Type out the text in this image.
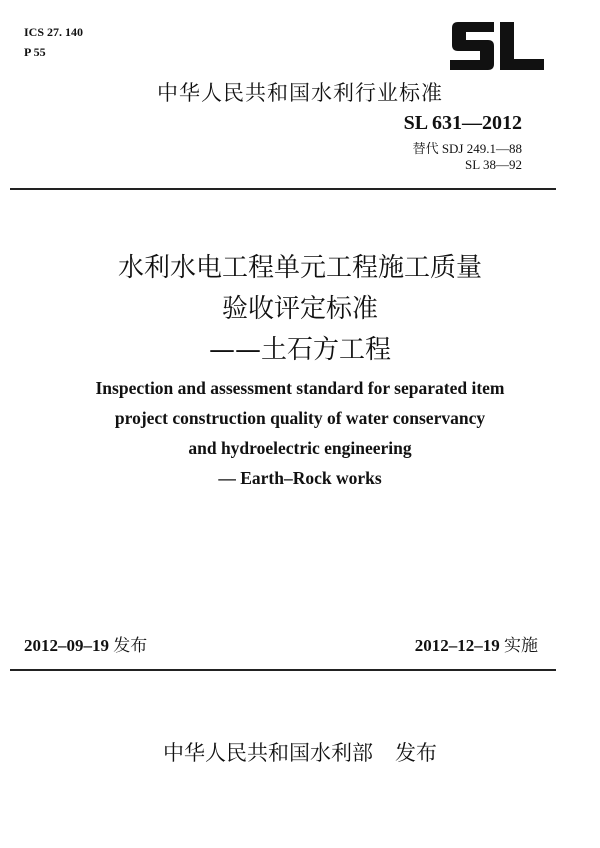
ICS 27. 140
P 55
中华人民共和国水利行业标准
SL 631—2012
替代 SDJ 249.1—88
SL 38—92
水利水电工程单元工程施工质量
验收评定标准
——土石方工程
Inspection and assessment standard for separated item
project construction quality of water conservancy
and hydroelectric engineering
— Earth–Rock works
2012–09–19 发布	2012–12–19 实施
中华人民共和国水利部 发布
